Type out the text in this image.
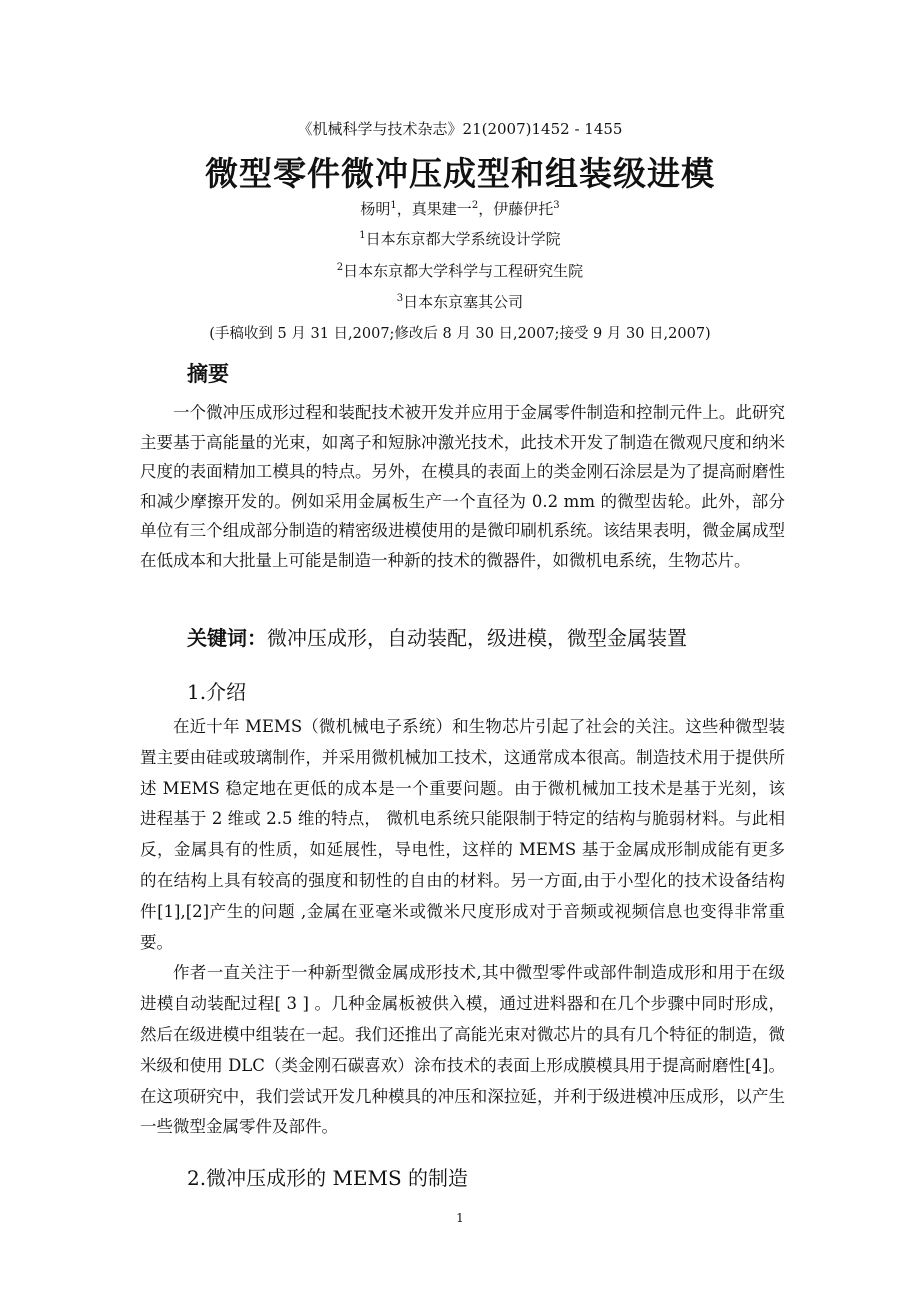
《机械科学与技术杂志》21(2007)1452 - 1455
微型零件微冲压成型和组装级进模
杨明$^1$，真果建一$^2$，伊藤伊托$^3$
$^1$日本东京都大学系统设计学院
$^2$日本东京都大学科学与工程研究生院
$^3$日本东京塞其公司
(手稿收到 5 月 31 日,2007;修改后 8 月 30 日,2007;接受 9 月 30 日,2007)
摘要
一个微冲压成形过程和装配技术被开发并应用于金属零件制造和控制元件上。此研究主要基于高能量的光束，如离子和短脉冲激光技术，此技术开发了制造在微观尺度和纳米尺度的表面精加工模具的特点。另外，在模具的表面上的类金刚石涂层是为了提高耐磨性和减少摩擦开发的。例如采用金属板生产一个直径为 0.2 mm 的微型齿轮。此外，部分单位有三个组成部分制造的精密级进模使用的是微印刷机系统。该结果表明，微金属成型在低成本和大批量上可能是制造一种新的技术的微器件，如微机电系统，生物芯片。
关键词：微冲压成形，自动装配，级进模，微型金属装置
1.介绍

在近十年 MEMS（微机械电子系统）和生物芯片引起了社会的关注。这些种微型装置主要由硅或玻璃制作，并采用微机械加工技术，这通常成本很高。制造技术用于提供所述 MEMS 稳定地在更低的成本是一个重要问题。由于微机械加工技术是基于光刻，该进程基于 2 维或 2.5 维的特点， 微机电系统只能限制于特定的结构与脆弱材料。与此相反，金属具有的性质，如延展性，导电性，这样的 MEMS 基于金属成形制成能有更多的在结构上具有较高的强度和韧性的自由的材料。另一方面,由于小型化的技术设备结构件[1],[2]产生的问题 ,金属在亚毫米或微米尺度形成对于音频或视频信息也变得非常重要。

作者一直关注于一种新型微金属成形技术,其中微型零件或部件制造成形和用于在级进模自动装配过程[ 3 ] 。几种金属板被供入模，通过进料器和在几个步骤中同时形成，然后在级进模中组装在一起。我们还推出了高能光束对微芯片的具有几个特征的制造，微米级和使用 DLC（类金刚石碳喜欢）涂布技术的表面上形成膜模具用于提高耐磨性[4]。在这项研究中，我们尝试开发几种模具的冲压和深拉延，并利于级进模冲压成形，以产生一些微型金属零件及部件。

2.微冲压成形的 MEMS 的制造
1
